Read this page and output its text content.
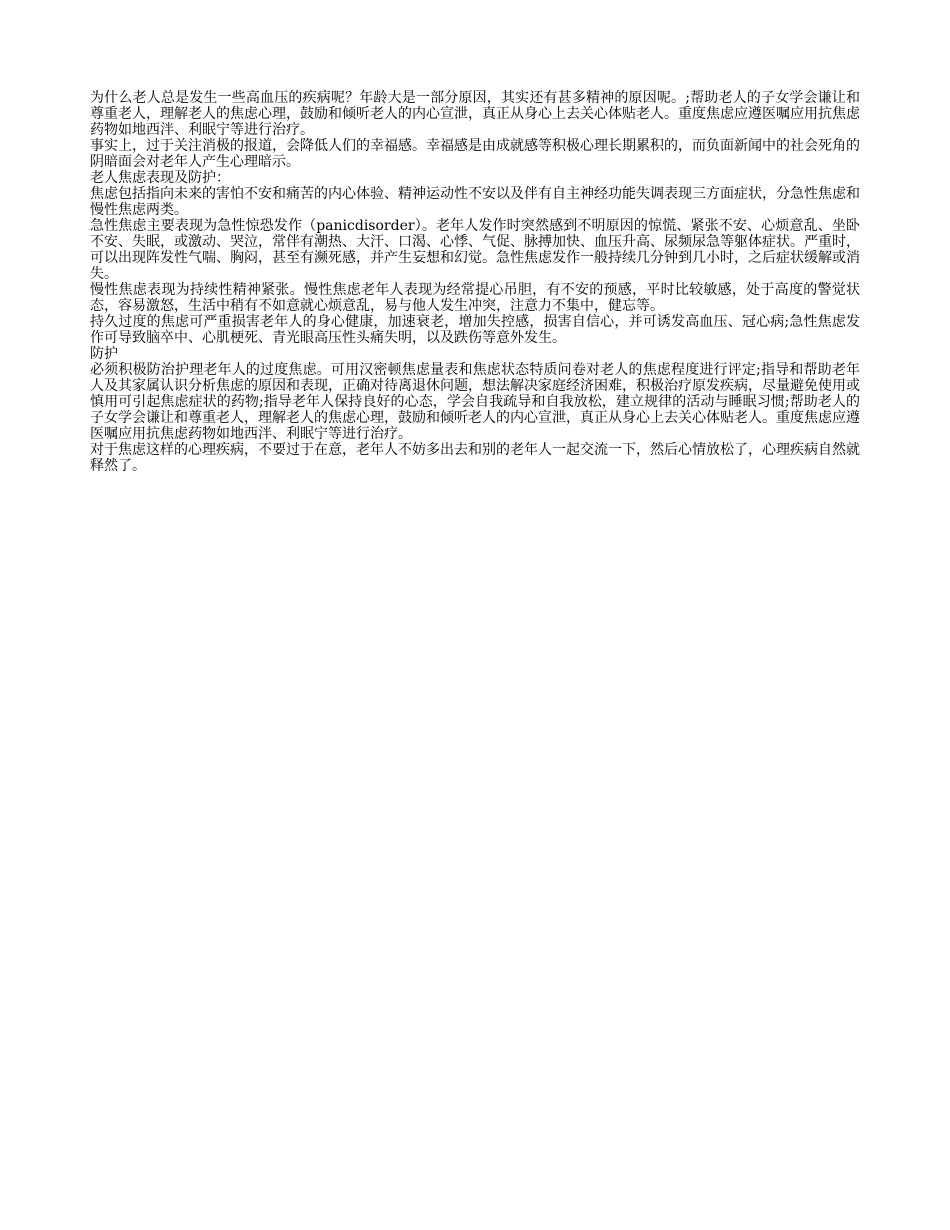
为什么老人总是发生一些高血压的疾病呢？年龄大是一部分原因，其实还有甚多精神的原因呢。;帮助老人的子女学会谦让和尊重老人，理解老人的焦虑心理，鼓励和倾听老人的内心宣泄，真正从身心上去关心体贴老人。重度焦虑应遵医嘱应用抗焦虑药物如地西泮、利眠宁等进行治疗。

事实上，过于关注消极的报道，会降低人们的幸福感。幸福感是由成就感等积极心理长期累积的，而负面新闻中的社会死角的阴暗面会对老年人产生心理暗示。

老人焦虑表现及防护：

焦虑包括指向未来的害怕不安和痛苦的内心体验、精神运动性不安以及伴有自主神经功能失调表现三方面症状，分急性焦虑和慢性焦虑两类。

急性焦虑主要表现为急性惊恐发作（panicdisorder）。老年人发作时突然感到不明原因的惊慌、紧张不安、心烦意乱、坐卧不安、失眠，或激动、哭泣，常伴有潮热、大汗、口渴、心悸、气促、脉搏加快、血压升高、尿频尿急等躯体症状。严重时，可以出现阵发性气喘、胸闷，甚至有濒死感，并产生妄想和幻觉。急性焦虑发作一般持续几分钟到几小时，之后症状缓解或消失。

慢性焦虑表现为持续性精神紧张。慢性焦虑老年人表现为经常提心吊胆，有不安的预感，平时比较敏感，处于高度的警觉状态，容易激怒，生活中稍有不如意就心烦意乱，易与他人发生冲突，注意力不集中，健忘等。

持久过度的焦虑可严重损害老年人的身心健康，加速衰老，增加失控感，损害自信心，并可诱发高血压、冠心病;急性焦虑发作可导致脑卒中、心肌梗死、青光眼高压性头痛失明，以及跌伤等意外发生。

防护

必须积极防治护理老年人的过度焦虑。可用汉密顿焦虑量表和焦虑状态特质问卷对老人的焦虑程度进行评定;指导和帮助老年人及其家属认识分析焦虑的原因和表现，正确对待离退休问题，想法解决家庭经济困难，积极治疗原发疾病，尽量避免使用或慎用可引起焦虑症状的药物;指导老年人保持良好的心态，学会自我疏导和自我放松，建立规律的活动与睡眠习惯;帮助老人的子女学会谦让和尊重老人，理解老人的焦虑心理，鼓励和倾听老人的内心宣泄，真正从身心上去关心体贴老人。重度焦虑应遵医嘱应用抗焦虑药物如地西泮、利眠宁等进行治疗。

对于焦虑这样的心理疾病，不要过于在意，老年人不妨多出去和别的老年人一起交流一下，然后心情放松了，心理疾病自然就释然了。
